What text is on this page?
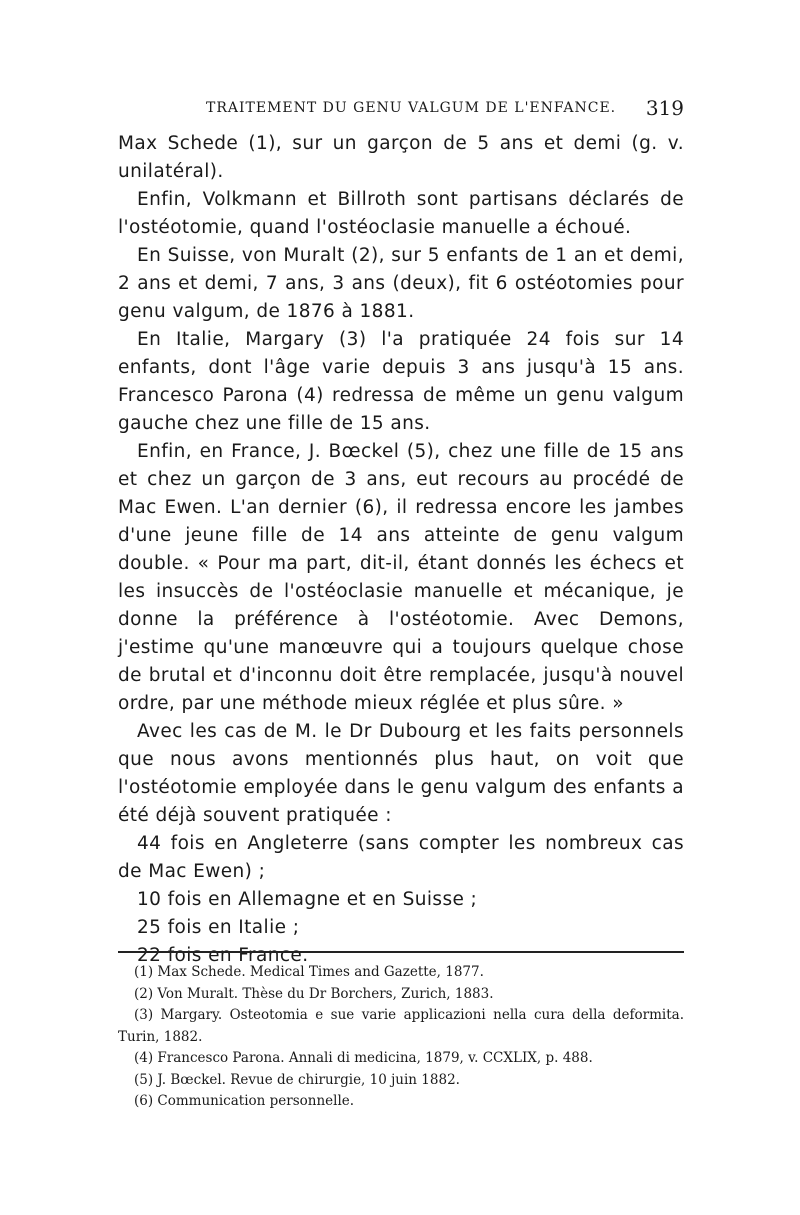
TRAITEMENT DU GENU VALGUM DE L'ENFANCE. 319

Max Schede (1), sur un garçon de 5 ans et demi (g. v. unilatéral).

Enfin, Volkmann et Billroth sont partisans déclarés de l'ostéotomie, quand l'ostéoclasie manuelle a échoué.

En Suisse, von Muralt (2), sur 5 enfants de 1 an et demi, 2 ans et demi, 7 ans, 3 ans (deux), fit 6 ostéotomies pour genu valgum, de 1876 à 1881.

En Italie, Margary (3) l'a pratiquée 24 fois sur 14 enfants, dont l'âge varie depuis 3 ans jusqu'à 15 ans. Francesco Parona (4) redressa de même un genu valgum gauche chez une fille de 15 ans.

Enfin, en France, J. Bœckel (5), chez une fille de 15 ans et chez un garçon de 3 ans, eut recours au procédé de Mac Ewen. L'an dernier (6), il redressa encore les jambes d'une jeune fille de 14 ans atteinte de genu valgum double. « Pour ma part, dit-il, étant donnés les échecs et les insuccès de l'ostéoclasie manuelle et mécanique, je donne la préférence à l'ostéotomie. Avec Demons, j'estime qu'une manœuvre qui a toujours quelque chose de brutal et d'inconnu doit être remplacée, jusqu'à nouvel ordre, par une méthode mieux réglée et plus sûre. »

Avec les cas de M. le Dr Dubourg et les faits personnels que nous avons mentionnés plus haut, on voit que l'ostéotomie employée dans le genu valgum des enfants a été déjà souvent pratiquée :

44 fois en Angleterre (sans compter les nombreux cas de Mac Ewen) ;

10 fois en Allemagne et en Suisse ;

25 fois en Italie ;

22 fois en France.

(1) Max Schede. Medical Times and Gazette, 1877.

(2) Von Muralt. Thèse du Dr Borchers, Zurich, 1883.

(3) Margary. Osteotomia e sue varie applicazioni nella cura della deformita. Turin, 1882.

(4) Francesco Parona. Annali di medicina, 1879, v. CCXLIX, p. 488.

(5) J. Bœckel. Revue de chirurgie, 10 juin 1882.

(6) Communication personnelle.
